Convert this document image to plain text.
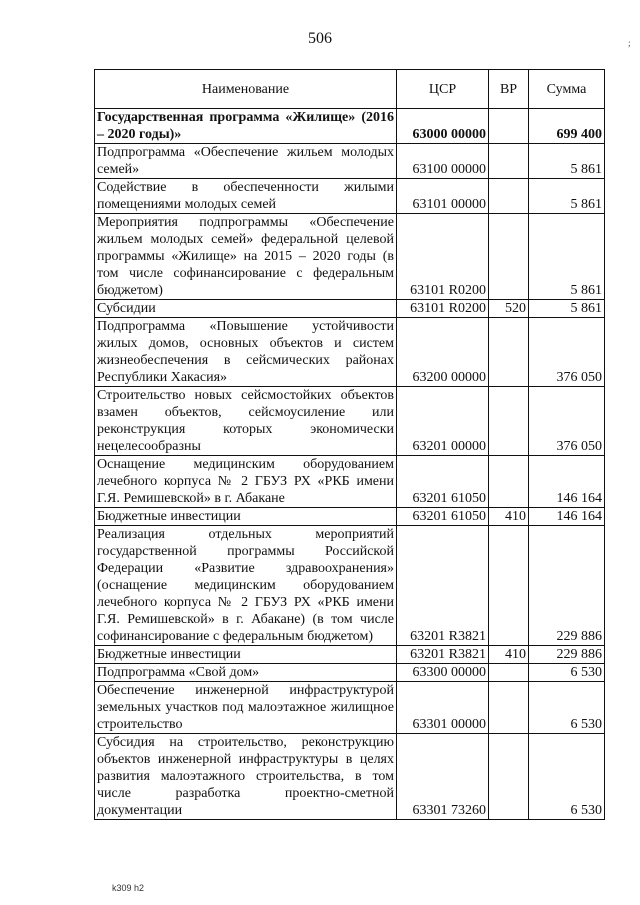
506	;
Наименование	ЦСР	ВР	Сумма
Государственная программа «Жилище» (2016 – 2020 годы)»	63000 00000		699 400
Подпрограмма «Обеспечение жильем молодых семей»	63100 00000		5 861
Содействие в обеспеченности жилыми помещениями молодых семей	63101 00000		5 861
Мероприятия подпрограммы «Обеспечение жильем молодых семей» федеральной целевой программы «Жилище» на 2015 – 2020 годы (в том числе софинансирование с федеральным бюджетом)	63101 R0200		5 861
Субсидии	63101 R0200	520	5 861
Подпрограмма «Повышение устойчивости жилых домов, основных объектов и систем жизнеобеспечения в сейсмических районах Республики Хакасия»	63200 00000		376 050
Строительство новых сейсмостойких объектов взамен объектов, сейсмоусиление или реконструкция которых экономически нецелесообразны	63201 00000		376 050
Оснащение медицинским оборудованием лечебного корпуса № 2 ГБУЗ РХ «РКБ имени Г.Я. Ремишевской» в г. Абакане	63201 61050		146 164
Бюджетные инвестиции	63201 61050	410	146 164
Реализация отдельных мероприятий государственной программы Российской Федерации «Развитие здравоохранения» (оснащение медицинским оборудованием лечебного корпуса № 2 ГБУЗ РХ «РКБ имени Г.Я. Ремишевской» в г. Абакане) (в том числе софинансирование с федеральным бюджетом)	63201 R3821		229 886
Бюджетные инвестиции	63201 R3821	410	229 886
Подпрограмма «Свой дом»	63300 00000		6 530
Обеспечение инженерной инфраструктурой земельных участков под малоэтажное жилищное строительство	63301 00000		6 530
Субсидия на строительство, реконструкцию объектов инженерной инфраструктуры в целях развития малоэтажного строительства, в том числе разработка проектно-сметной документации	63301 73260		6 530
k309 h2
